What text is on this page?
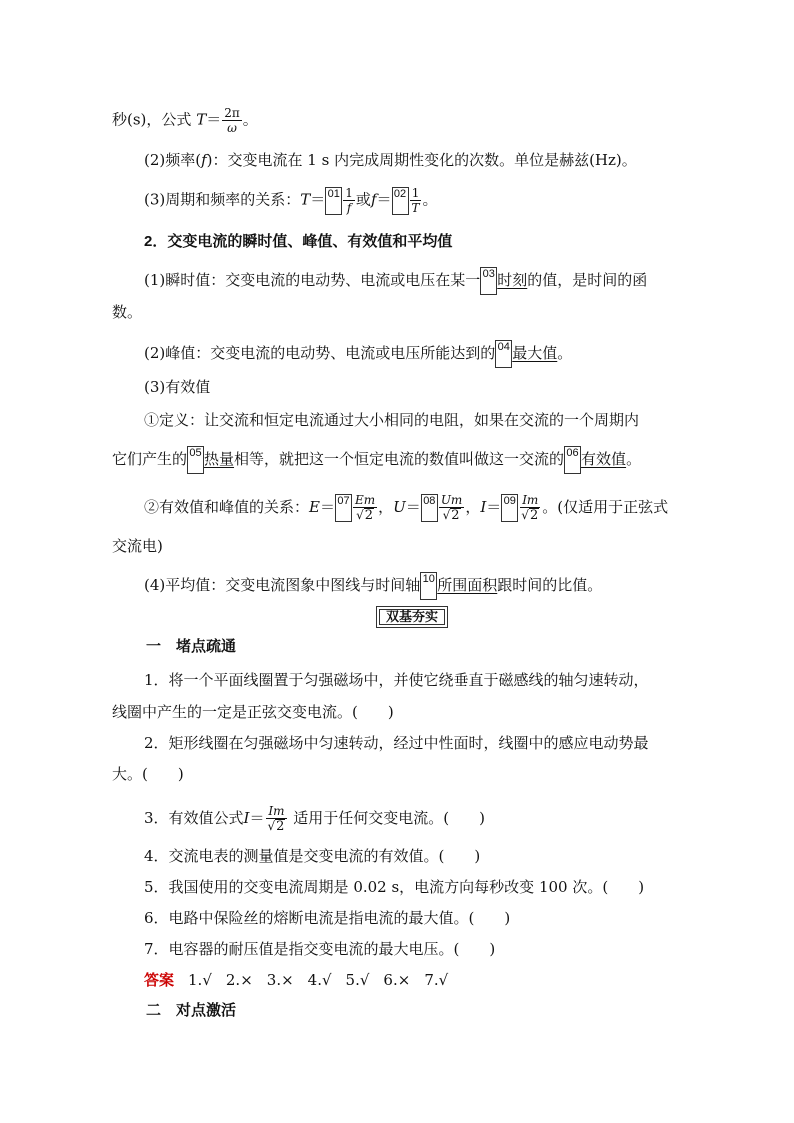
秒(s)，公式 $T= \frac{2\pi}{\omega}$ 。
(2)频率(f)：交变电流在 1 s 内完成周期性变化的次数。单位是赫兹(Hz)。
(3)周期和频率的关系：$T= 01 \frac{1}{f}$ 或$f= 02 \frac{1}{T}$ 。
2．交变电流的瞬时值、峰值、有效值和平均值
(1)瞬时值：交变电流的电动势、电流或电压在某一 03 时刻的值，是时间的函
数。
(2)峰值：交变电流的电动势、电流或电压所能达到的 04 最大值。
(3)有效值
①定义：让交流和恒定电流通过大小相同的电阻，如果在交流的一个周期内
它们产生的 05 热量相等，就把这一个恒定电流的数值叫做这一交流的 06 有效值。
②有效值和峰值的关系：$E= 07 \frac{Em}{√2}$ ，$U= 08 \frac{Um}{√2}$ ，$I= 09 \frac{Im}{√2}$ 。(仅适用于正弦式
交流电)
(4)平均值：交变电流图象中图线与时间轴 10 所围面积跟时间的比值。
双基夯实
一　堵点疏通
1．将一个平面线圈置于匀强磁场中，并使它绕垂直于磁感线的轴匀速转动，
线圈中产生的一定是正弦交变电流。(　　)
2．矩形线圈在匀强磁场中匀速转动，经过中性面时，线圈中的感应电动势最
大。(　　)
3．有效值公式$I= \frac{Im}{√2}$ 适用于任何交变电流。(　　)
4．交流电表的测量值是交变电流的有效值。(　　)
5．我国使用的交变电流周期是 0.02 s，电流方向每秒改变 100 次。(　　)
6．电路中保险丝的熔断电流是指电流的最大值。(　　)
7．电容器的耐压值是指交变电流的最大电压。(　　)
答案 1.√ 2.× 3.× 4.√ 5.√ 6.× 7.√
二　对点激活
